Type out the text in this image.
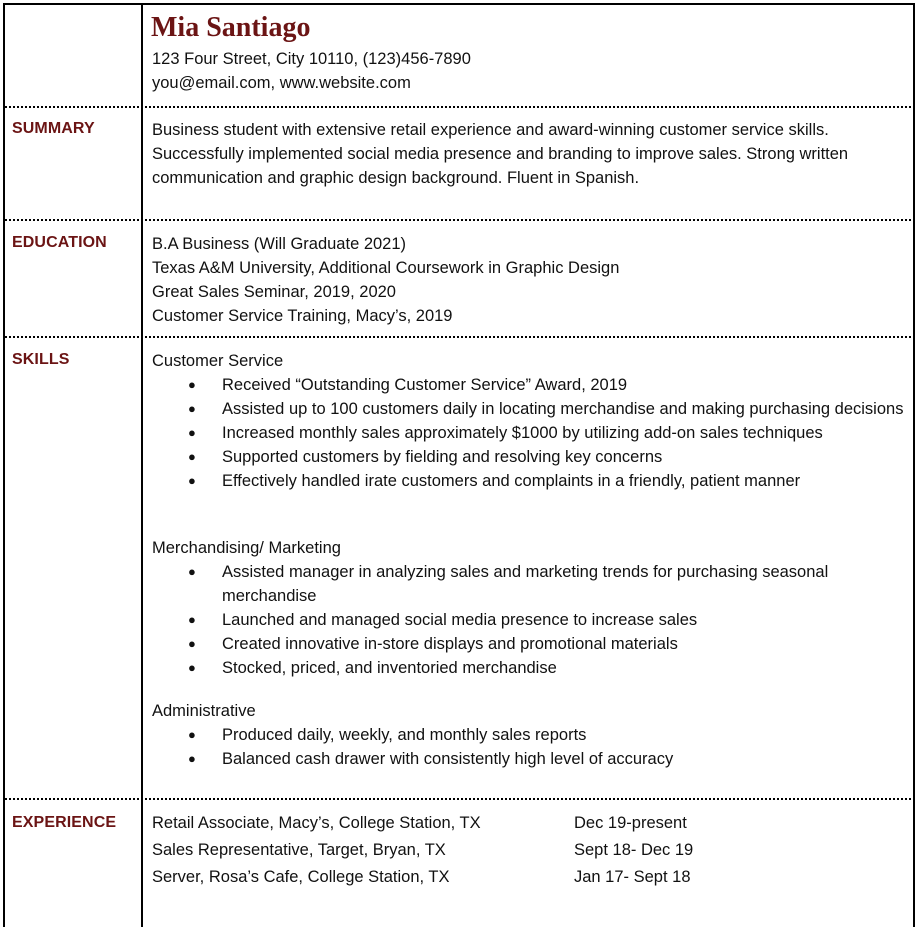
Mia Santiago
123 Four Street, City 10110, (123)456-7890
you@email.com, www.website.com
SUMMARY	Business student with extensive retail experience and award-winning customer service skills.
Successfully implemented social media presence and branding to improve sales. Strong written
communication and graphic design background. Fluent in Spanish.
EDUCATION	B.A Business (Will Graduate 2021)
Texas A&M University, Additional Coursework in Graphic Design
Great Sales Seminar, 2019, 2020
Customer Service Training, Macy’s, 2019
SKILLS	Customer Service
● Received “Outstanding Customer Service” Award, 2019
● Assisted up to 100 customers daily in locating merchandise and making purchasing decisions
● Increased monthly sales approximately $1000 by utilizing add-on sales techniques
● Supported customers by fielding and resolving key concerns
● Effectively handled irate customers and complaints in a friendly, patient manner
Merchandising/ Marketing
● Assisted manager in analyzing sales and marketing trends for purchasing seasonal merchandise
● Launched and managed social media presence to increase sales
● Created innovative in-store displays and promotional materials
● Stocked, priced, and inventoried merchandise
Administrative
● Produced daily, weekly, and monthly sales reports
● Balanced cash drawer with consistently high level of accuracy
EXPERIENCE Retail Associate, Macy’s, College Station, TX	Dec 19-present
Sales Representative, Target, Bryan, TX	Sept 18- Dec 19
Server, Rosa’s Cafe, College Station, TX	Jan 17- Sept 18
